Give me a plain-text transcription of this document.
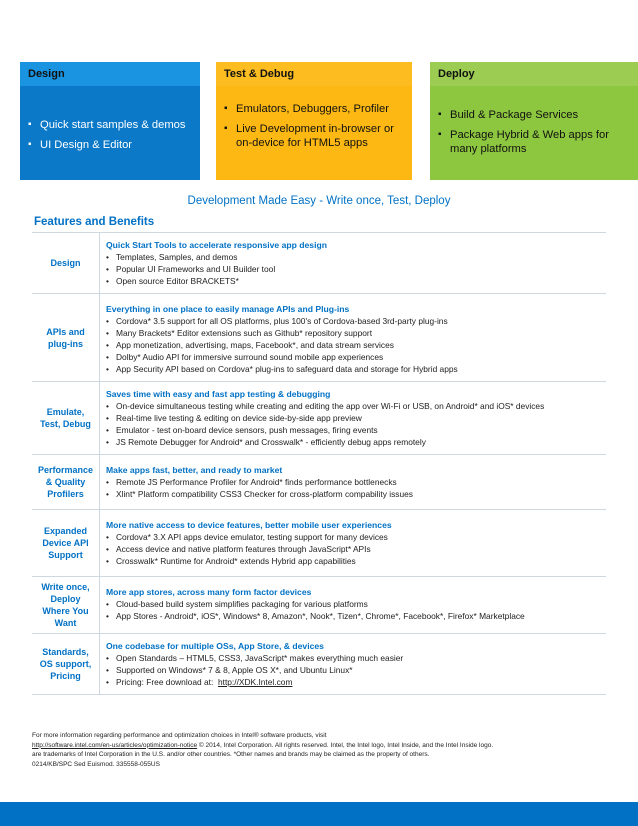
Design
▪ Quick start samples & demos
▪ UI Design & Editor
Test & Debug
▪ Emulators, Debuggers, Profiler
▪ Live Development in-browser or on-device for HTML5 apps
Deploy
▪ Build & Package Services
▪ Package Hybrid & Web apps for many platforms
Development Made Easy - Write once, Test, Deploy
Features and Benefits
Design
Quick Start Tools to accelerate responsive app design
• Templates, Samples, and demos
• Popular UI Frameworks and UI Builder tool
• Open source Editor BRACKETS*
APIs and plug-ins
Everything in one place to easily manage APIs and Plug-ins
• Cordova* 3.5 support for all OS platforms, plus 100's of Cordova-based 3rd-party plug-ins
• Many Brackets* Editor extensions such as Github* repository support
• App monetization, advertising, maps, Facebook*, and data stream services
• Dolby* Audio API for immersive surround sound mobile app experiences
• App Security API based on Cordova* plug-ins to safeguard data and storage for Hybrid apps
Emulate, Test, Debug
Saves time with easy and fast app testing & debugging
• On-device simultaneous testing while creating and editing the app over Wi-Fi or USB, on Android* and iOS* devices
• Real-time live testing & editing on device side-by-side app preview
• Emulator - test on-board device sensors, push messages, firing events
• JS Remote Debugger for Android* and Crosswalk* - efficiently debug apps remotely
Performance & Quality Profilers
Make apps fast, better, and ready to market
• Remote JS Performance Profiler for Android* finds performance bottlenecks
• Xlint* Platform compatibility CSS3 Checker for cross-platform compability issues
Expanded Device API Support
More native access to device features, better mobile user experiences
• Cordova* 3.X API apps device emulator, testing support for many devices
• Access device and native platform features through JavaScript* APIs
• Crosswalk* Runtime for Android* extends Hybrid app capabilities
Write once, Deploy Where You Want
More app stores, across many form factor devices
• Cloud-based build system simplifies packaging for various platforms
• App Stores - Android*, iOS*, Windows* 8, Amazon*, Nook*, Tizen*, Chrome*, Facebook*, Firefox* Marketplace
Standards, OS support, Pricing
One codebase for multiple OSs, App Store, & devices
• Open Standards – HTML5, CSS3, JavaScript* makes everything much easier
• Supported on Windows* 7 & 8, Apple OS X*, and Ubuntu Linux*
• Pricing: Free download at: http://XDK.Intel.com
For more information regarding performance and optimization choices in Intel® software products, visit
http://software.intel.com/en-us/articles/optimization-notice © 2014, Intel Corporation. All rights reserved. Intel, the Intel logo, Intel Inside, and the Intel Inside logo.
are trademarks of Intel Corporation in the U.S. and/or other countries. *Other names and brands may be claimed as the property of others.
0214/KB/SPC Sed Euismod. 335558-055US
